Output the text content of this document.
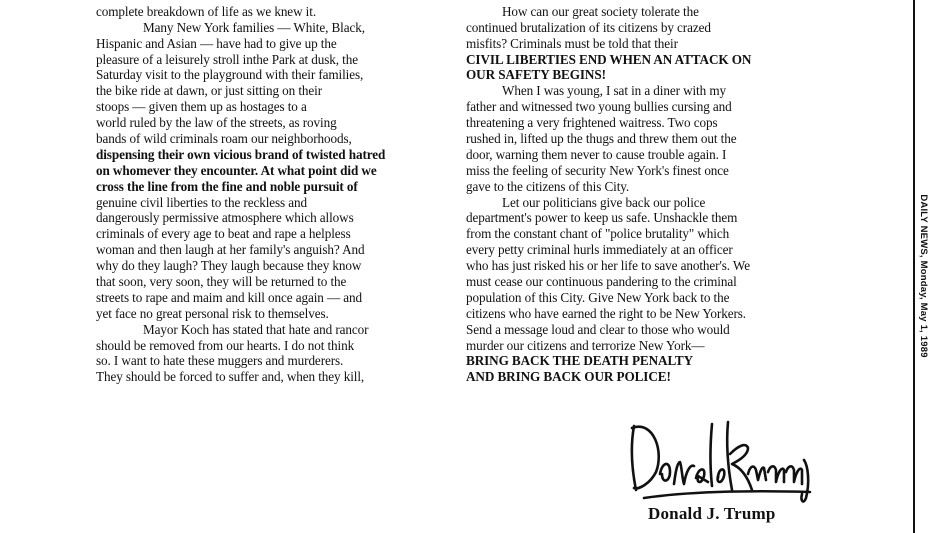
complete breakdown of life as we knew it.
Many New York families — White, Black,
Hispanic and Asian — have had to give up the
pleasure of a leisurely stroll inthe Park at dusk, the
Saturday visit to the playground with their families,
the bike ride at dawn, or just sitting on their
stoops — given them up as hostages to a
world ruled by the law of the streets, as roving
bands of wild criminals roam our neighborhoods,
dispensing their own vicious brand of twisted hatred
on whomever they encounter. At what point did we
cross the line from the fine and noble pursuit of
genuine civil liberties to the reckless and
dangerously permissive atmosphere which allows
criminals of every age to beat and rape a helpless
woman and then laugh at her family's anguish? And
why do they laugh? They laugh because they know
that soon, very soon, they will be returned to the
streets to rape and maim and kill once again — and
yet face no great personal risk to themselves.
Mayor Koch has stated that hate and rancor
should be removed from our hearts. I do not think
so. I want to hate these muggers and murderers.
They should be forced to suffer and, when they kill,
How can our great society tolerate the
continued brutalization of its citizens by crazed
misfits? Criminals must be told that their
CIVIL LIBERTIES END WHEN AN ATTACK ON
OUR SAFETY BEGINS!
When I was young, I sat in a diner with my
father and witnessed two young bullies cursing and
threatening a very frightened waitress. Two cops
rushed in, lifted up the thugs and threw them out the
door, warning them never to cause trouble again. I
miss the feeling of security New York's finest once
gave to the citizens of this City.
Let our politicians give back our police
department's power to keep us safe. Unshackle them
from the constant chant of "police brutality" which
every petty criminal hurls immediately at an officer
who has just risked his or her life to save another's. We
must cease our continuous pandering to the criminal
population of this City. Give New York back to the
citizens who have earned the right to be New Yorkers.
Send a message loud and clear to those who would
murder our citizens and terrorize New York—
BRING BACK THE DEATH PENALTY
AND BRING BACK OUR POLICE!
Donald J. Trump
DAILY NEWS, Monday, May 1, 1989
